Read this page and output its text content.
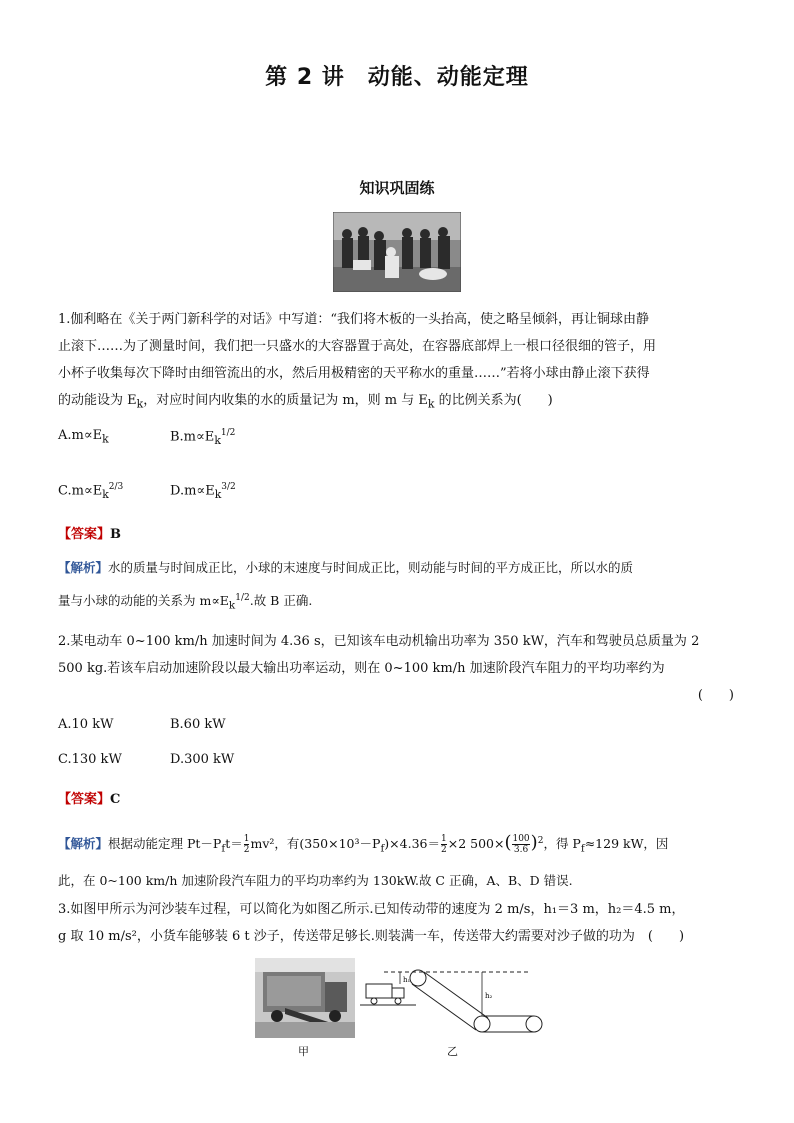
第 2 讲　动能、动能定理
知识巩固练
1.伽利略在《关于两门新科学的对话》中写道：“我们将木板的一头抬高，使之略呈倾斜，再让铜球由静
止滚下……为了测量时间，我们把一只盛水的大容器置于高处，在容器底部焊上一根口径很细的管子，用
小杯子收集每次下降时由细管流出的水，然后用极精密的天平称水的重量……”若将小球由静止滚下获得
的动能设为 $E_k$，对应时间内收集的水的质量记为 m，则 m 与 $E_k$ 的比例关系为(　　)
$A.m\propto E_k$	$B.m\propto E_k^{1/2}$
$C.m\propto E_k^{2/3}$	$D.m\propto E_k^{3/2}$
【答案】B
【解析】水的质量与时间成正比，小球的末速度与时间成正比，则动能与时间的平方成正比，所以水的质
量与小球的动能的关系为 $m\propto E_k^{1/2}$.故 B 正确.
2.某电动车 0~100 km/h 加速时间为 4.36 s，已知该车电动机输出功率为 350 kW，汽车和驾驶员总质量为 2
500 kg.若该车启动加速阶段以最大输出功率运动，则在 0~100 km/h 加速阶段汽车阻力的平均功率约为
(　　)
A.10 kW	B.60 kW
C.130 kW	D.300 kW
【答案】C
【解析】根据动能定理 $Pt-P_ft= \frac{1}{2} mv^2$，有$(350\times 10^3-P_f)\times 4.36= \frac{1}{2} \times 2$ $500\times( \frac{100}{3.6} )^2$，得 $P_f\approx 129$ kW，因
此，在 0~100 km/h 加速阶段汽车阻力的平均功率约为 130kW.故 C 正确，A、B、D 错误.
3.如图甲所示为河沙装车过程，可以简化为如图乙所示.已知传动带的速度为 2 m/s，h₁＝3 m，h₂＝4.5 m，
g 取 10 m/s²，小货车能够装 6 t 沙子，传送带足够长.则装满一车，传送带大约需要对沙子做的功为　(　　)
甲
h₁
h₂
乙
